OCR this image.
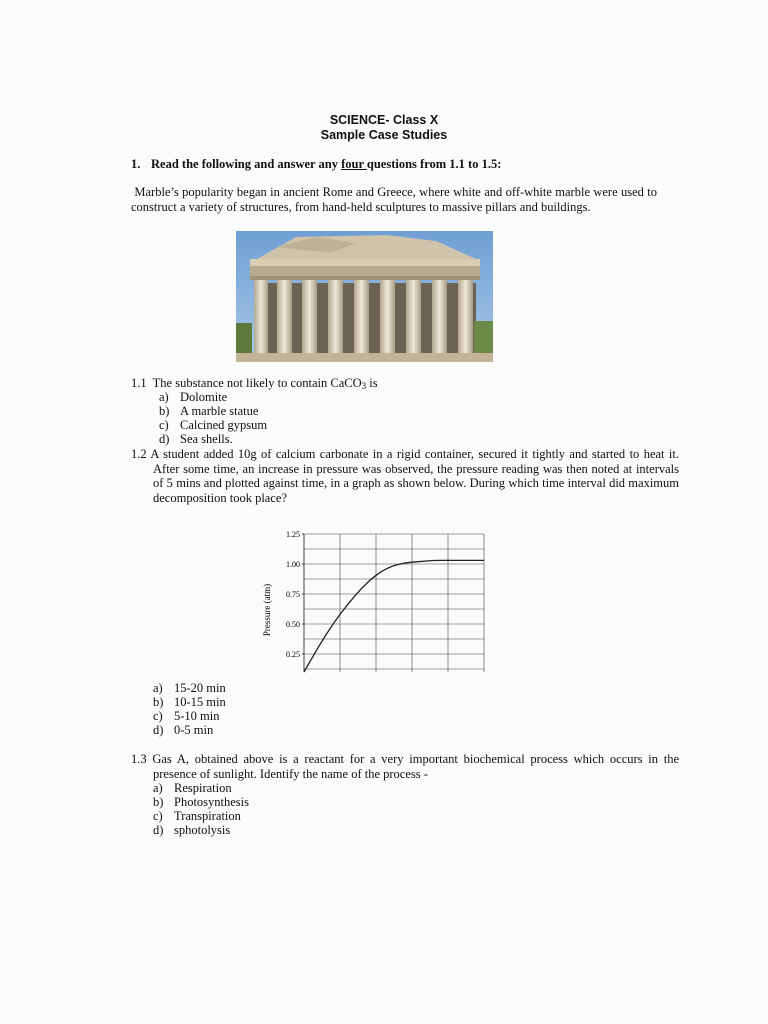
SCIENCE- Class X
Sample Case Studies
1. Read the following and answer any four questions from 1.1 to 1.5:
Marble’s popularity began in ancient Rome and Greece, where white and off-white marble were used to construct a variety of structures, from hand-held sculptures to massive pillars and buildings.
1.1 The substance not likely to contain CaCO$_3$ is
a) Dolomite
b) A marble statue
c) Calcined gypsum
d) Sea shells.
1.2 A student added 10g of calcium carbonate in a rigid container, secured it tightly and started to heat it. After some time, an increase in pressure was observed, the pressure reading was then noted at intervals of 5 mins and plotted against time, in a graph as shown below. During which time interval did maximum decomposition took place?
0.25
0.50
0.75
1.00
1.25
Pressure (atm)
a) 15-20 min
b) 10-15 min
c) 5-10 min
d) 0-5 min
1.3 Gas A, obtained above is a reactant for a very important biochemical process which occurs in the presence of sunlight. Identify the name of the process -
a) Respiration
b) Photosynthesis
c) Transpiration
d) sphotolysis
